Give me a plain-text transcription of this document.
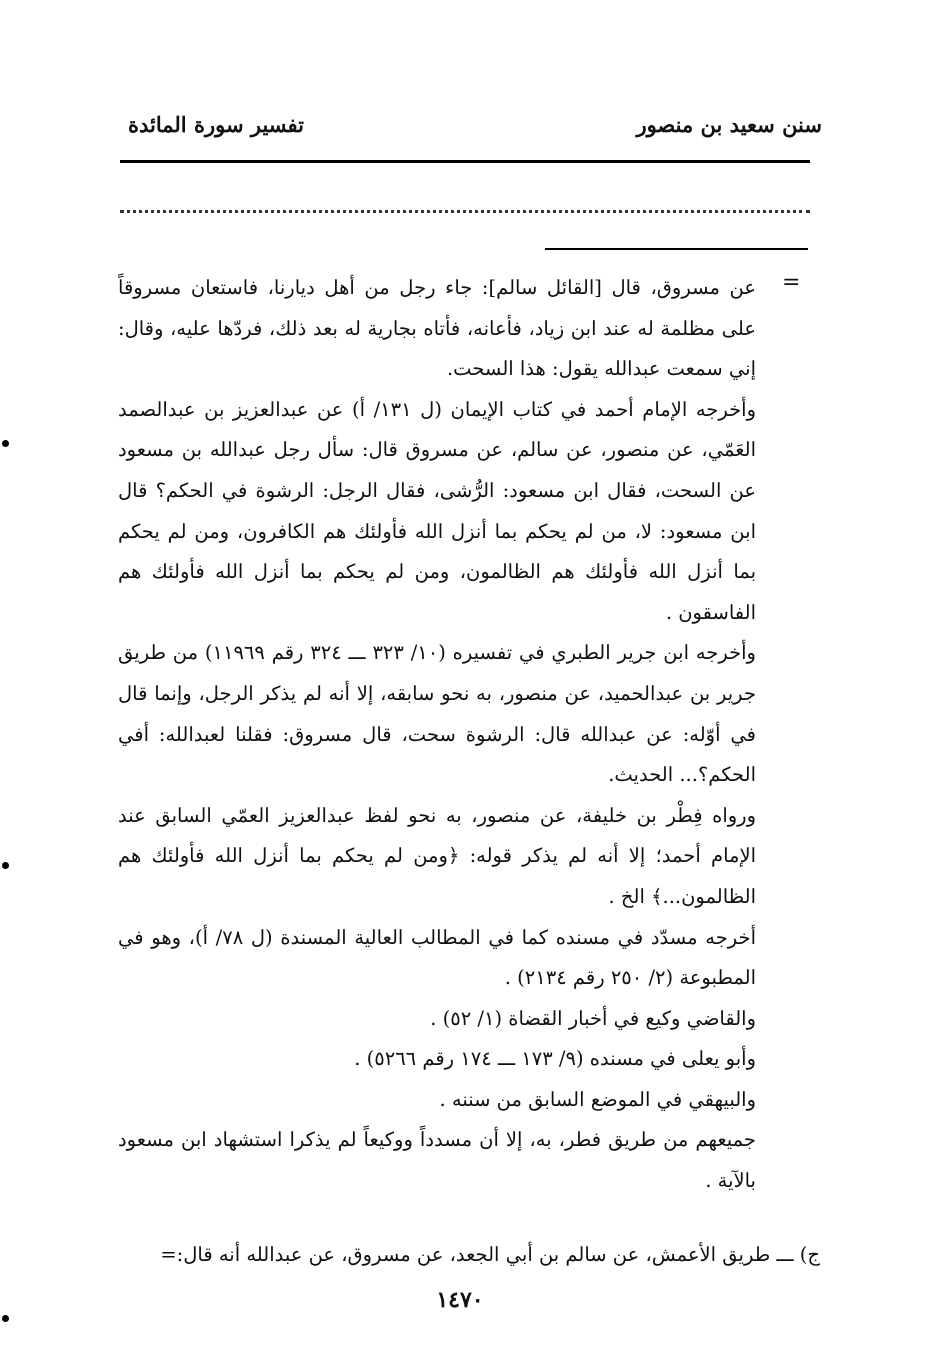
سنن سعيد بن منصور
تفسير سورة المائدة
=

عن مسروق، قال [القائل سالم]: جاء رجل من أهل ديارنا، فاستعان مسروقاً على مظلمة له عند ابن زياد، فأعانه، فأتاه بجارية له بعد ذلك، فردّها عليه، وقال: إني سمعت عبدالله يقول: هذا السحت.

وأخرجه الإمام أحمد في كتاب الإيمان (ل ١٣١/ أ) عن عبدالعزيز بن عبدالصمد العَمّي، عن منصور، عن سالم، عن مسروق قال: سأل رجل عبدالله بن مسعود عن السحت، فقال ابن مسعود: الرُّشى، فقال الرجل: الرشوة في الحكم؟ قال ابن مسعود: لا، من لم يحكم بما أنزل الله فأولئك هم الكافرون، ومن لم يحكم بما أنزل الله فأولئك هم الظالمون، ومن لم يحكم بما أنزل الله فأولئك هم الفاسقون .

وأخرجه ابن جرير الطبري في تفسيره (١٠/ ٣٢٣ ـــ ٣٢٤ رقم ١١٩٦٩) من طريق جرير بن عبدالحميد، عن منصور، به نحو سابقه، إلا أنه لم يذكر الرجل، وإنما قال في أوّله: عن عبدالله قال: الرشوة سحت، قال مسروق: فقلنا لعبدالله: أفي الحكم؟... الحديث.

ورواه فِطْر بن خليفة، عن منصور، به نحو لفظ عبدالعزيز العمّي السابق عند الإمام أحمد؛ إلا أنه لم يذكر قوله: ﴿ومن لم يحكم بما أنزل الله فأولئك هم الظالمون...﴾ الخ .

أخرجه مسدّد في مسنده كما في المطالب العالية المسندة (ل ٧٨/ أ)، وهو في المطبوعة (٢/ ٢٥٠ رقم ٢١٣٤) .

والقاضي وكيع في أخبار القضاة (١/ ٥٢) .

وأبو يعلى في مسنده (٩/ ١٧٣ ـــ ١٧٤ رقم ٥٢٦٦) .

والبيهقي في الموضع السابق من سننه .

جميعهم من طريق فطر، به، إلا أن مسدداً ووكيعاً لم يذكرا استشهاد ابن مسعود بالآية .

ج) ـــ طريق الأعمش، عن سالم بن أبي الجعد، عن مسروق، عن عبدالله أنه قال:=
١٤٧٠
